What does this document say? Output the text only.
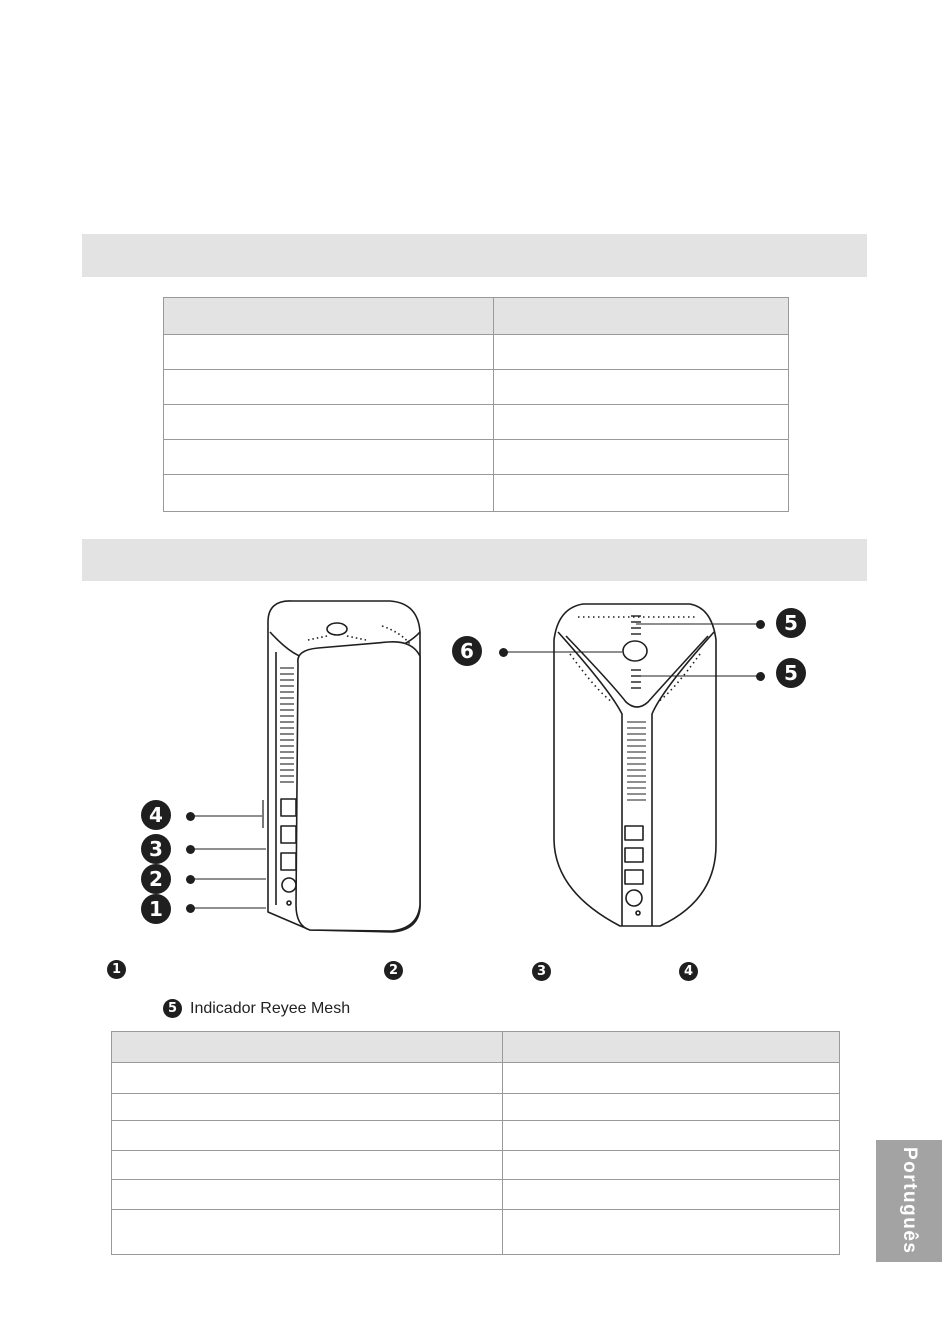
4
3
2
1
6
5
5
1	2	3	4
5 Indicador Reyee Mesh

Português
